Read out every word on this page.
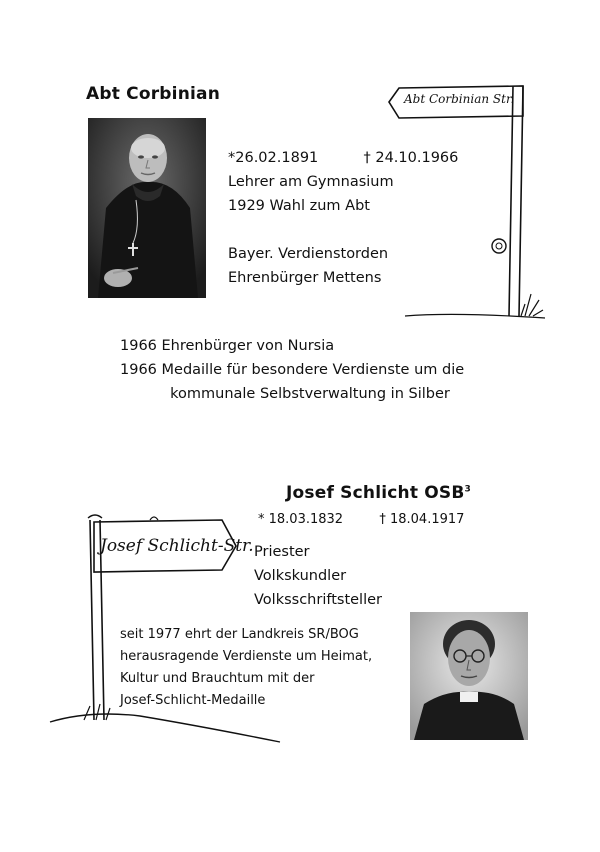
Abt Corbinian
*26.02.1891	† 24.10.1966
Lehrer am Gymnasium
1929 Wahl zum Abt
Bayer. Verdienstorden
Ehrenbürger Mettens
Abt Corbinian Str.
1966 Ehrenbürger von Nursia
1966 Medaille für besondere Verdienste um die
kommunale Selbstverwaltung in Silber
Josef Schlicht OSB$^3$
* 18.03.1832	† 18.04.1917
Priester
Volkskundler
Volksschriftsteller
Josef Schlicht-Str.
seit 1977 ehrt der Landkreis SR/BOG
herausragende Verdienste um Heimat,
Kultur und Brauchtum mit der
Josef-Schlicht-Medaille
